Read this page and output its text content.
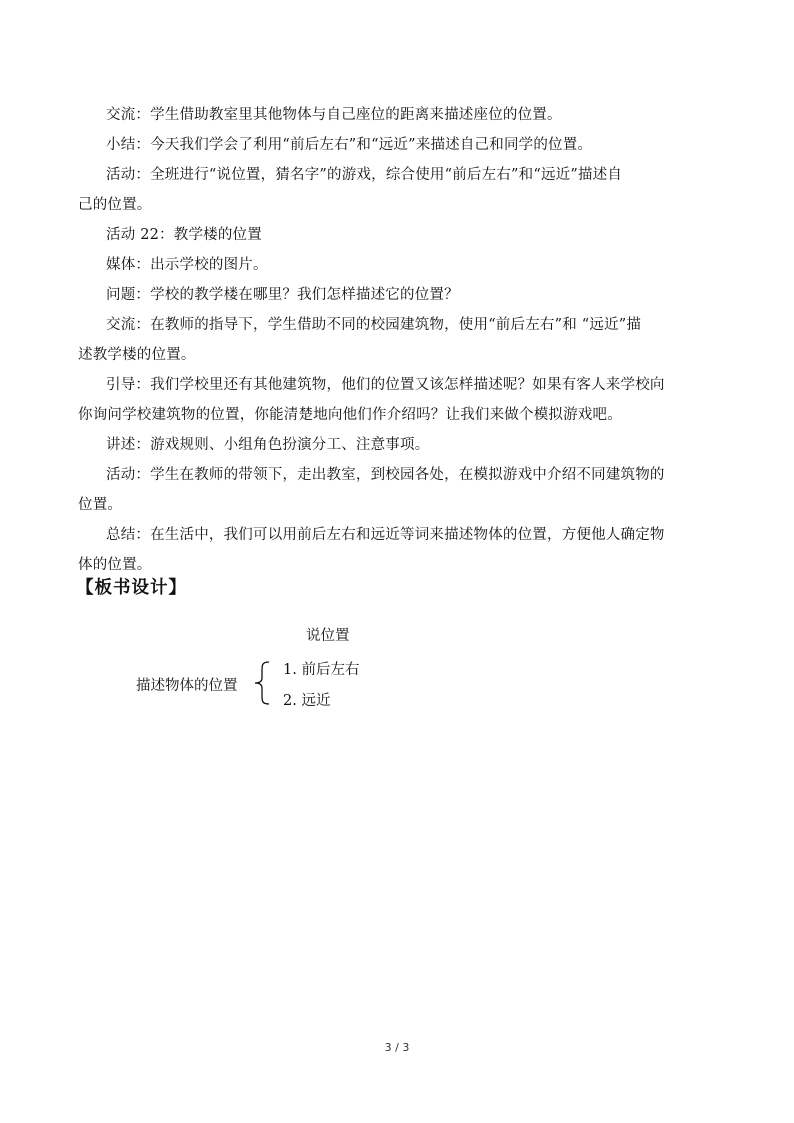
交流：学生借助教室里其他物体与自己座位的距离来描述座位的位置。
小结：今天我们学会了利用“前后左右”和“远近”来描述自己和同学的位置。
活动：全班进行“说位置，猜名字”的游戏，综合使用“前后左右”和“远近”描述自
己的位置。
活动 22：教学楼的位置
媒体：出示学校的图片。
问题：学校的教学楼在哪里？我们怎样描述它的位置？
交流：在教师的指导下，学生借助不同的校园建筑物，使用“前后左右”和 “远近”描
述教学楼的位置。
引导：我们学校里还有其他建筑物，他们的位置又该怎样描述呢？如果有客人来学校向
你询问学校建筑物的位置，你能清楚地向他们作介绍吗？让我们来做个模拟游戏吧。
讲述：游戏规则、小组角色扮演分工、注意事项。
活动：学生在教师的带领下，走出教室，到校园各处，在模拟游戏中介绍不同建筑物的
位置。
总结：在生活中，我们可以用前后左右和远近等词来描述物体的位置，方便他人确定物
体的位置。
【板书设计】
说位置
描述物体的位置
1. 前后左右
2. 远近
3 / 3
